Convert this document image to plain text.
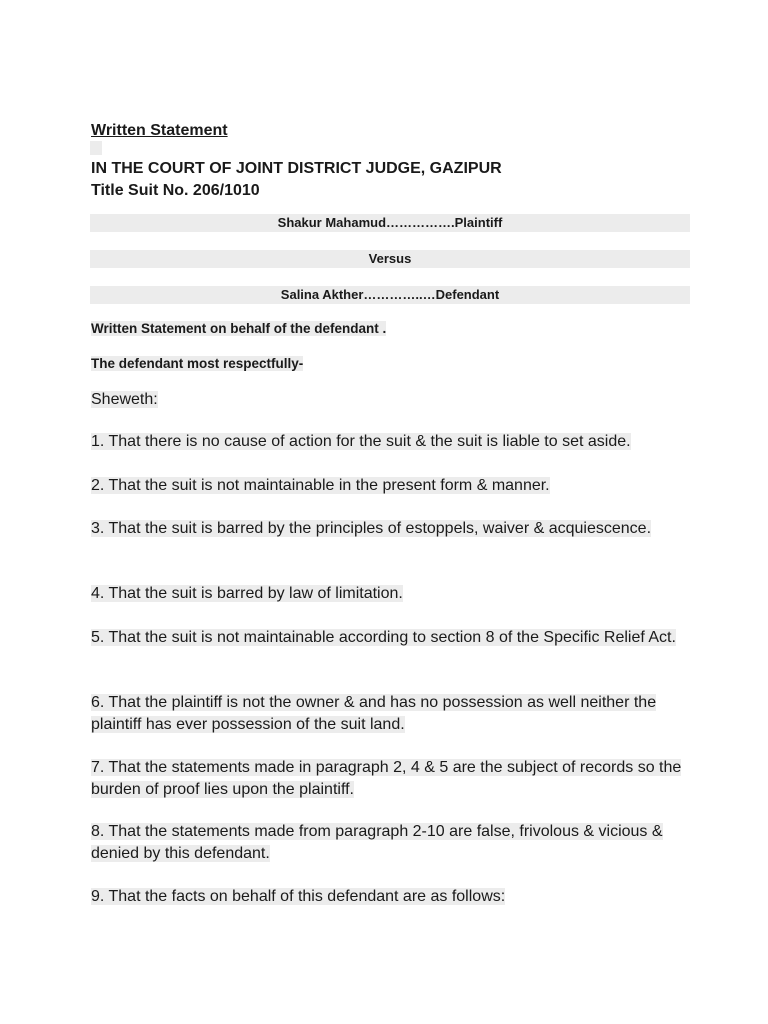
Written Statement
IN THE COURT OF JOINT DISTRICT JUDGE, GAZIPUR
Title Suit No. 206/1010
Shakur Mahamud…………….Plaintiff
Versus
Salina Akther…………..…Defendant
Written Statement on behalf of the defendant .
The defendant most respectfully-
Sheweth:
1. That there is no cause of action for the suit & the suit is liable to set aside.
2. That the suit is not maintainable in the present form & manner.
3. That the suit is barred by the principles of estoppels, waiver & acquiescence.
4. That the suit is barred by law of limitation.
5. That the suit is not maintainable according to section 8 of the Specific Relief Act.
6. That the plaintiff is not the owner & and has no possession as well neither the plaintiff has ever possession of the suit land.
7. That the statements made in paragraph 2, 4 & 5 are the subject of records so the burden of proof lies upon the plaintiff.
8. That the statements made from paragraph 2-10 are false, frivolous & vicious & denied by this defendant.
9. That the facts on behalf of this defendant are as follows:
